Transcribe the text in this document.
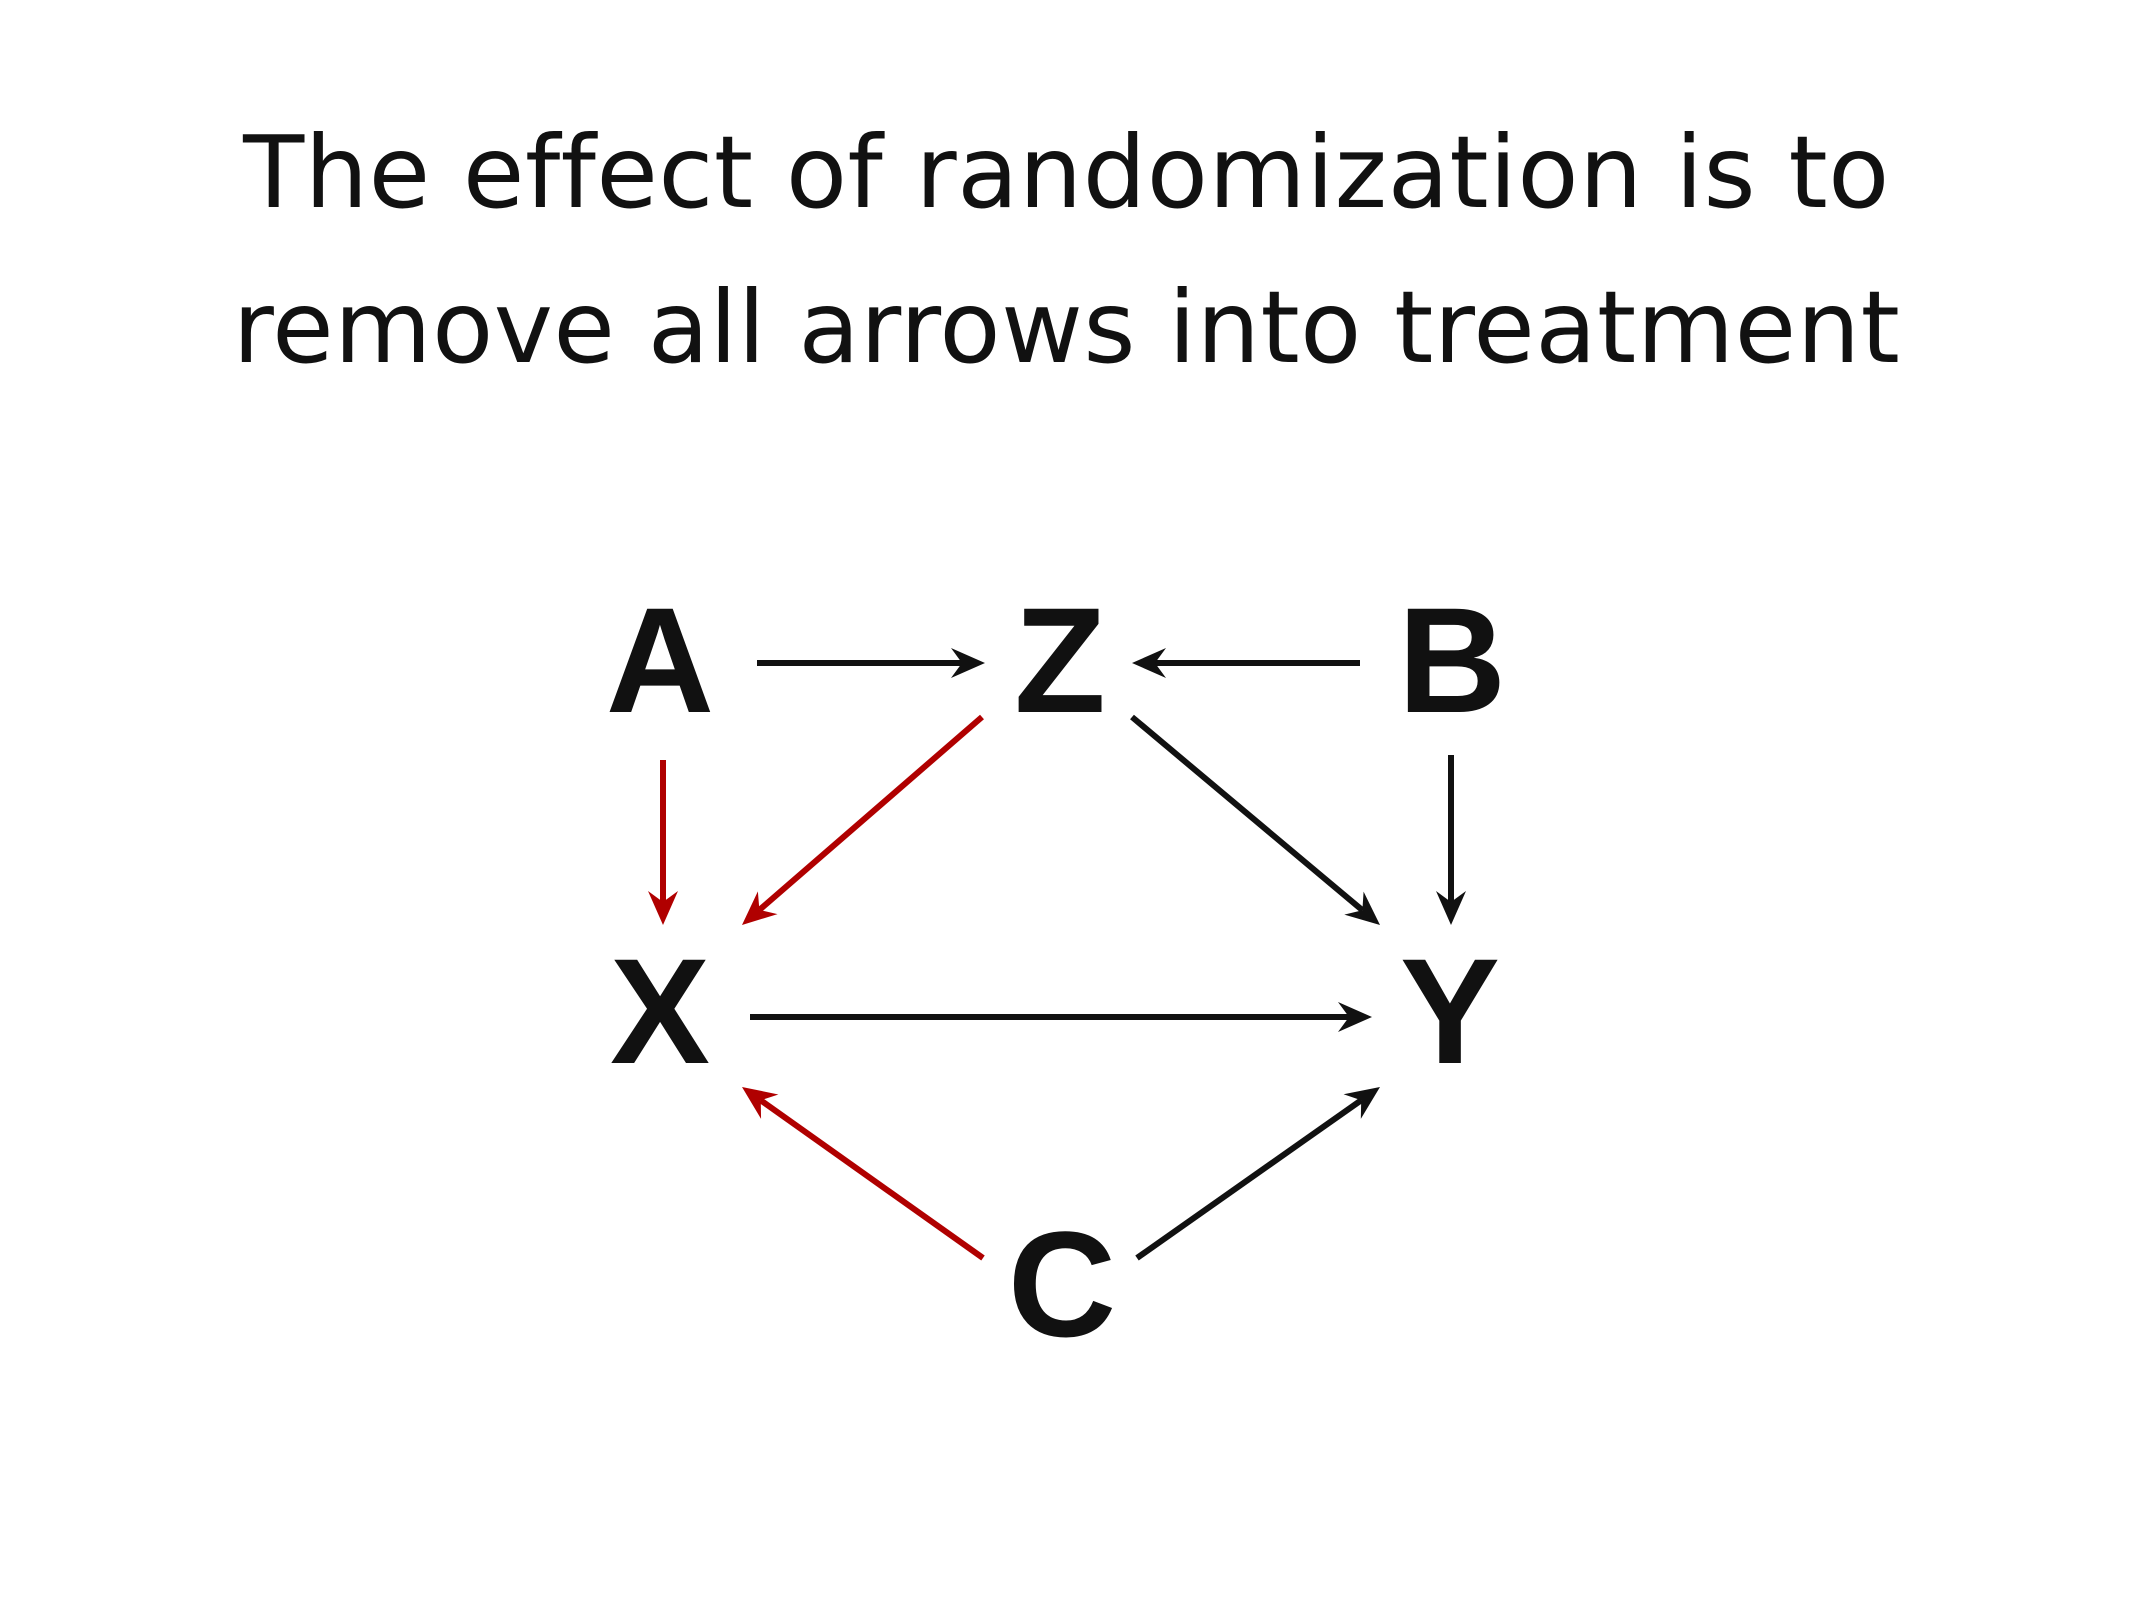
The effect of randomization is to
remove all arrows into treatment
A Z B
X	Y
C
